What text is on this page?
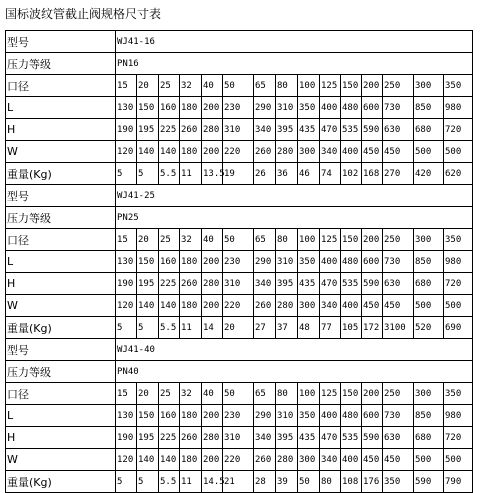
国标波纹管截止阀规格尺寸表
型号	WJ41-16														
压力等级	PN16														
口径	15	20	25	32	40	50	65	80	100	125	150	200	250	300	350
L	130	150	160	180	200	230	290	310	350	400	480	600	730	850	980
H	190	195	225	260	280	310	340	395	435	470	535	590	630	680	720
W	120	140	140	180	200	220	260	280	300	340	400	450	450	500	500
重量(Kg)	5	5	5.5	11	13.5	19	26	36	46	74	102	168	270	420	620
型号	WJ41-25														
压力等级	PN25														
口径	15	20	25	32	40	50	65	80	100	125	150	200	250	300	350
L	130	150	160	180	200	230	290	310	350	400	480	600	730	850	980
H	190	195	225	260	280	310	340	395	435	470	535	590	630	680	720
W	120	140	140	180	200	220	260	280	300	340	400	450	450	500	500
重量(Kg)	5	5	5.5	11	14	20	27	37	48	77	105	172	3100	520	690
型号	WJ41-40														
压力等级	PN40														
口径	15	20	25	32	40	50	65	80	100	125	150	200	250	300	350
L	130	150	160	180	200	230	290	310	350	400	480	600	730	850	980
H	190	195	225	260	280	310	340	395	435	470	535	590	630	680	720
W	120	140	140	180	200	220	260	280	300	340	400	450	450	500	500
重量(Kg)	5	5	5.5	11	14.5	21	28	39	50	80	108	176	350	590	790
